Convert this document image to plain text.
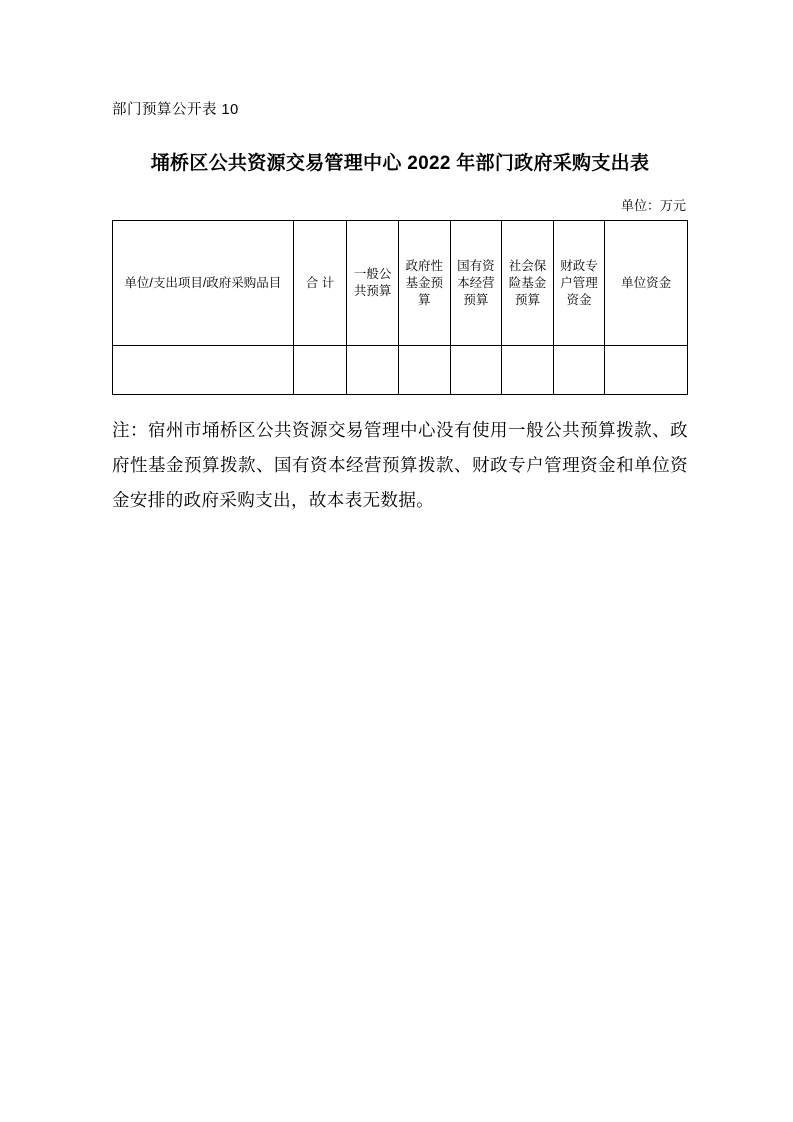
部门预算公开表 10
埇桥区公共资源交易管理中心 2022 年部门政府采购支出表
单位：万元
单位/支出项目/政府采购品目	合 计	一般公共预算	政府性基金预算	国有资本经营预算	社会保险基金预算	财政专户管理资金	单位资金

注：宿州市埇桥区公共资源交易管理中心没有使用一般公共预算拨款、政府性基金预算拨款、国有资本经营预算拨款、财政专户管理资金和单位资金安排的政府采购支出，故本表无数据。
